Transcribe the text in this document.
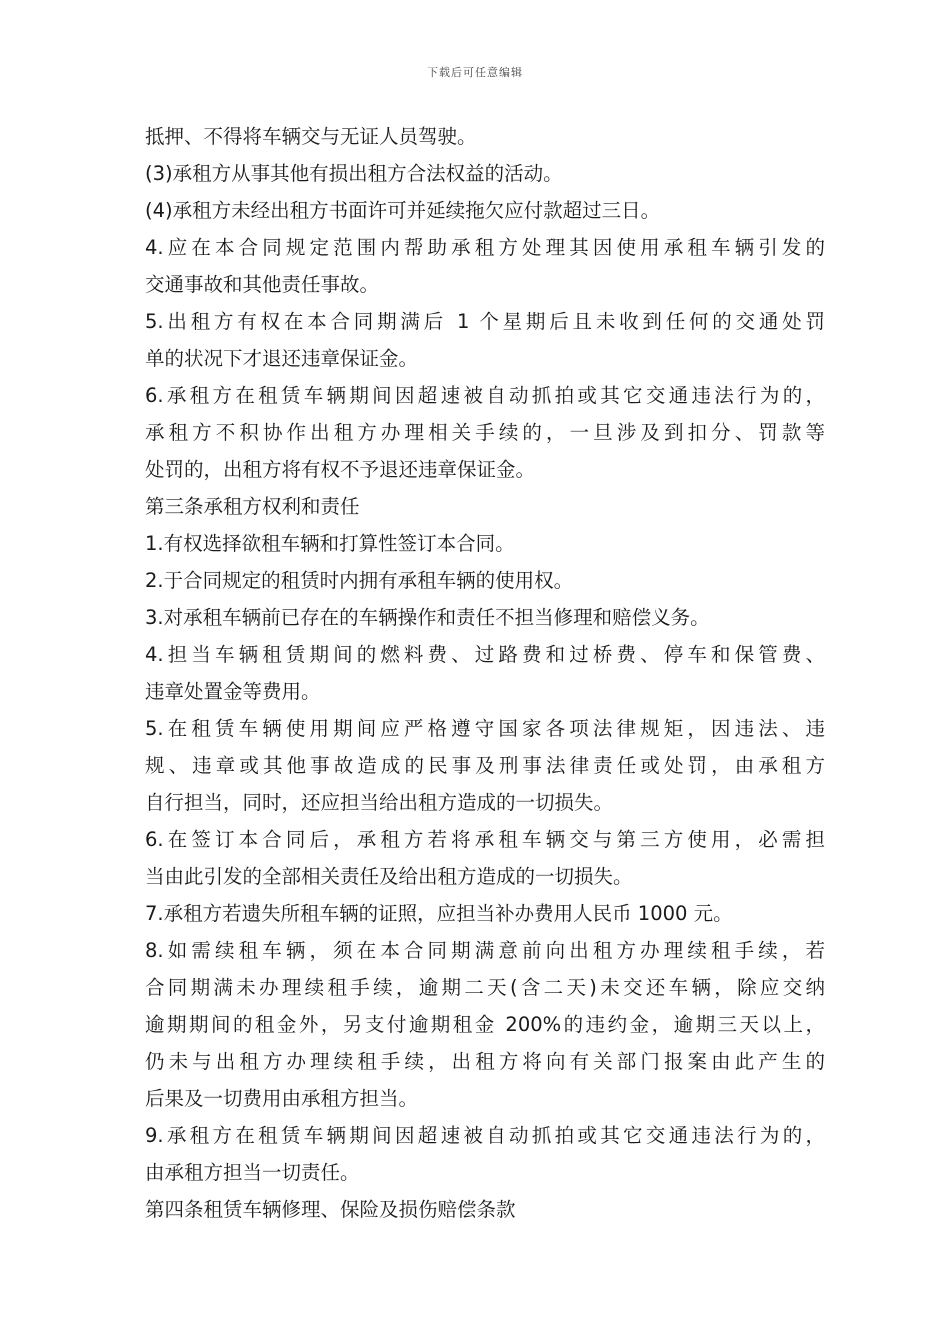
下载后可任意编辑
抵押、不得将车辆交与无证人员驾驶。
(3)承租方从事其他有损出租方合法权益的活动。
(4)承租方未经出租方书面许可并延续拖欠应付款超过三日。
4.应在本合同规定范围内帮助承租方处理其因使用承租车辆引发的
交通事故和其他责任事故。
5.出租方有权在本合同期满后 1 个星期后且未收到任何的交通处罚
单的状况下才退还违章保证金。
6.承租方在租赁车辆期间因超速被自动抓拍或其它交通违法行为的，
承租方不积协作出租方办理相关手续的，一旦涉及到扣分、罚款等
处罚的，出租方将有权不予退还违章保证金。
第三条承租方权利和责任
1.有权选择欲租车辆和打算性签订本合同。
2.于合同规定的租赁时内拥有承租车辆的使用权。
3.对承租车辆前已存在的车辆操作和责任不担当修理和赔偿义务。
4.担当车辆租赁期间的燃料费、过路费和过桥费、停车和保管费、
违章处置金等费用。
5.在租赁车辆使用期间应严格遵守国家各项法律规矩，因违法、违
规、违章或其他事故造成的民事及刑事法律责任或处罚，由承租方
自行担当，同时，还应担当给出租方造成的一切损失。
6.在签订本合同后，承租方若将承租车辆交与第三方使用，必需担
当由此引发的全部相关责任及给出租方造成的一切损失。
7.承租方若遗失所租车辆的证照，应担当补办费用人民币 1000 元。
8.如需续租车辆，须在本合同期满意前向出租方办理续租手续，若
合同期满未办理续租手续，逾期二天(含二天)未交还车辆，除应交纳
逾期期间的租金外，另支付逾期租金 200%的违约金，逾期三天以上，
仍未与出租方办理续租手续，出租方将向有关部门报案由此产生的
后果及一切费用由承租方担当。
9.承租方在租赁车辆期间因超速被自动抓拍或其它交通违法行为的，
由承租方担当一切责任。
第四条租赁车辆修理、保险及损伤赔偿条款
